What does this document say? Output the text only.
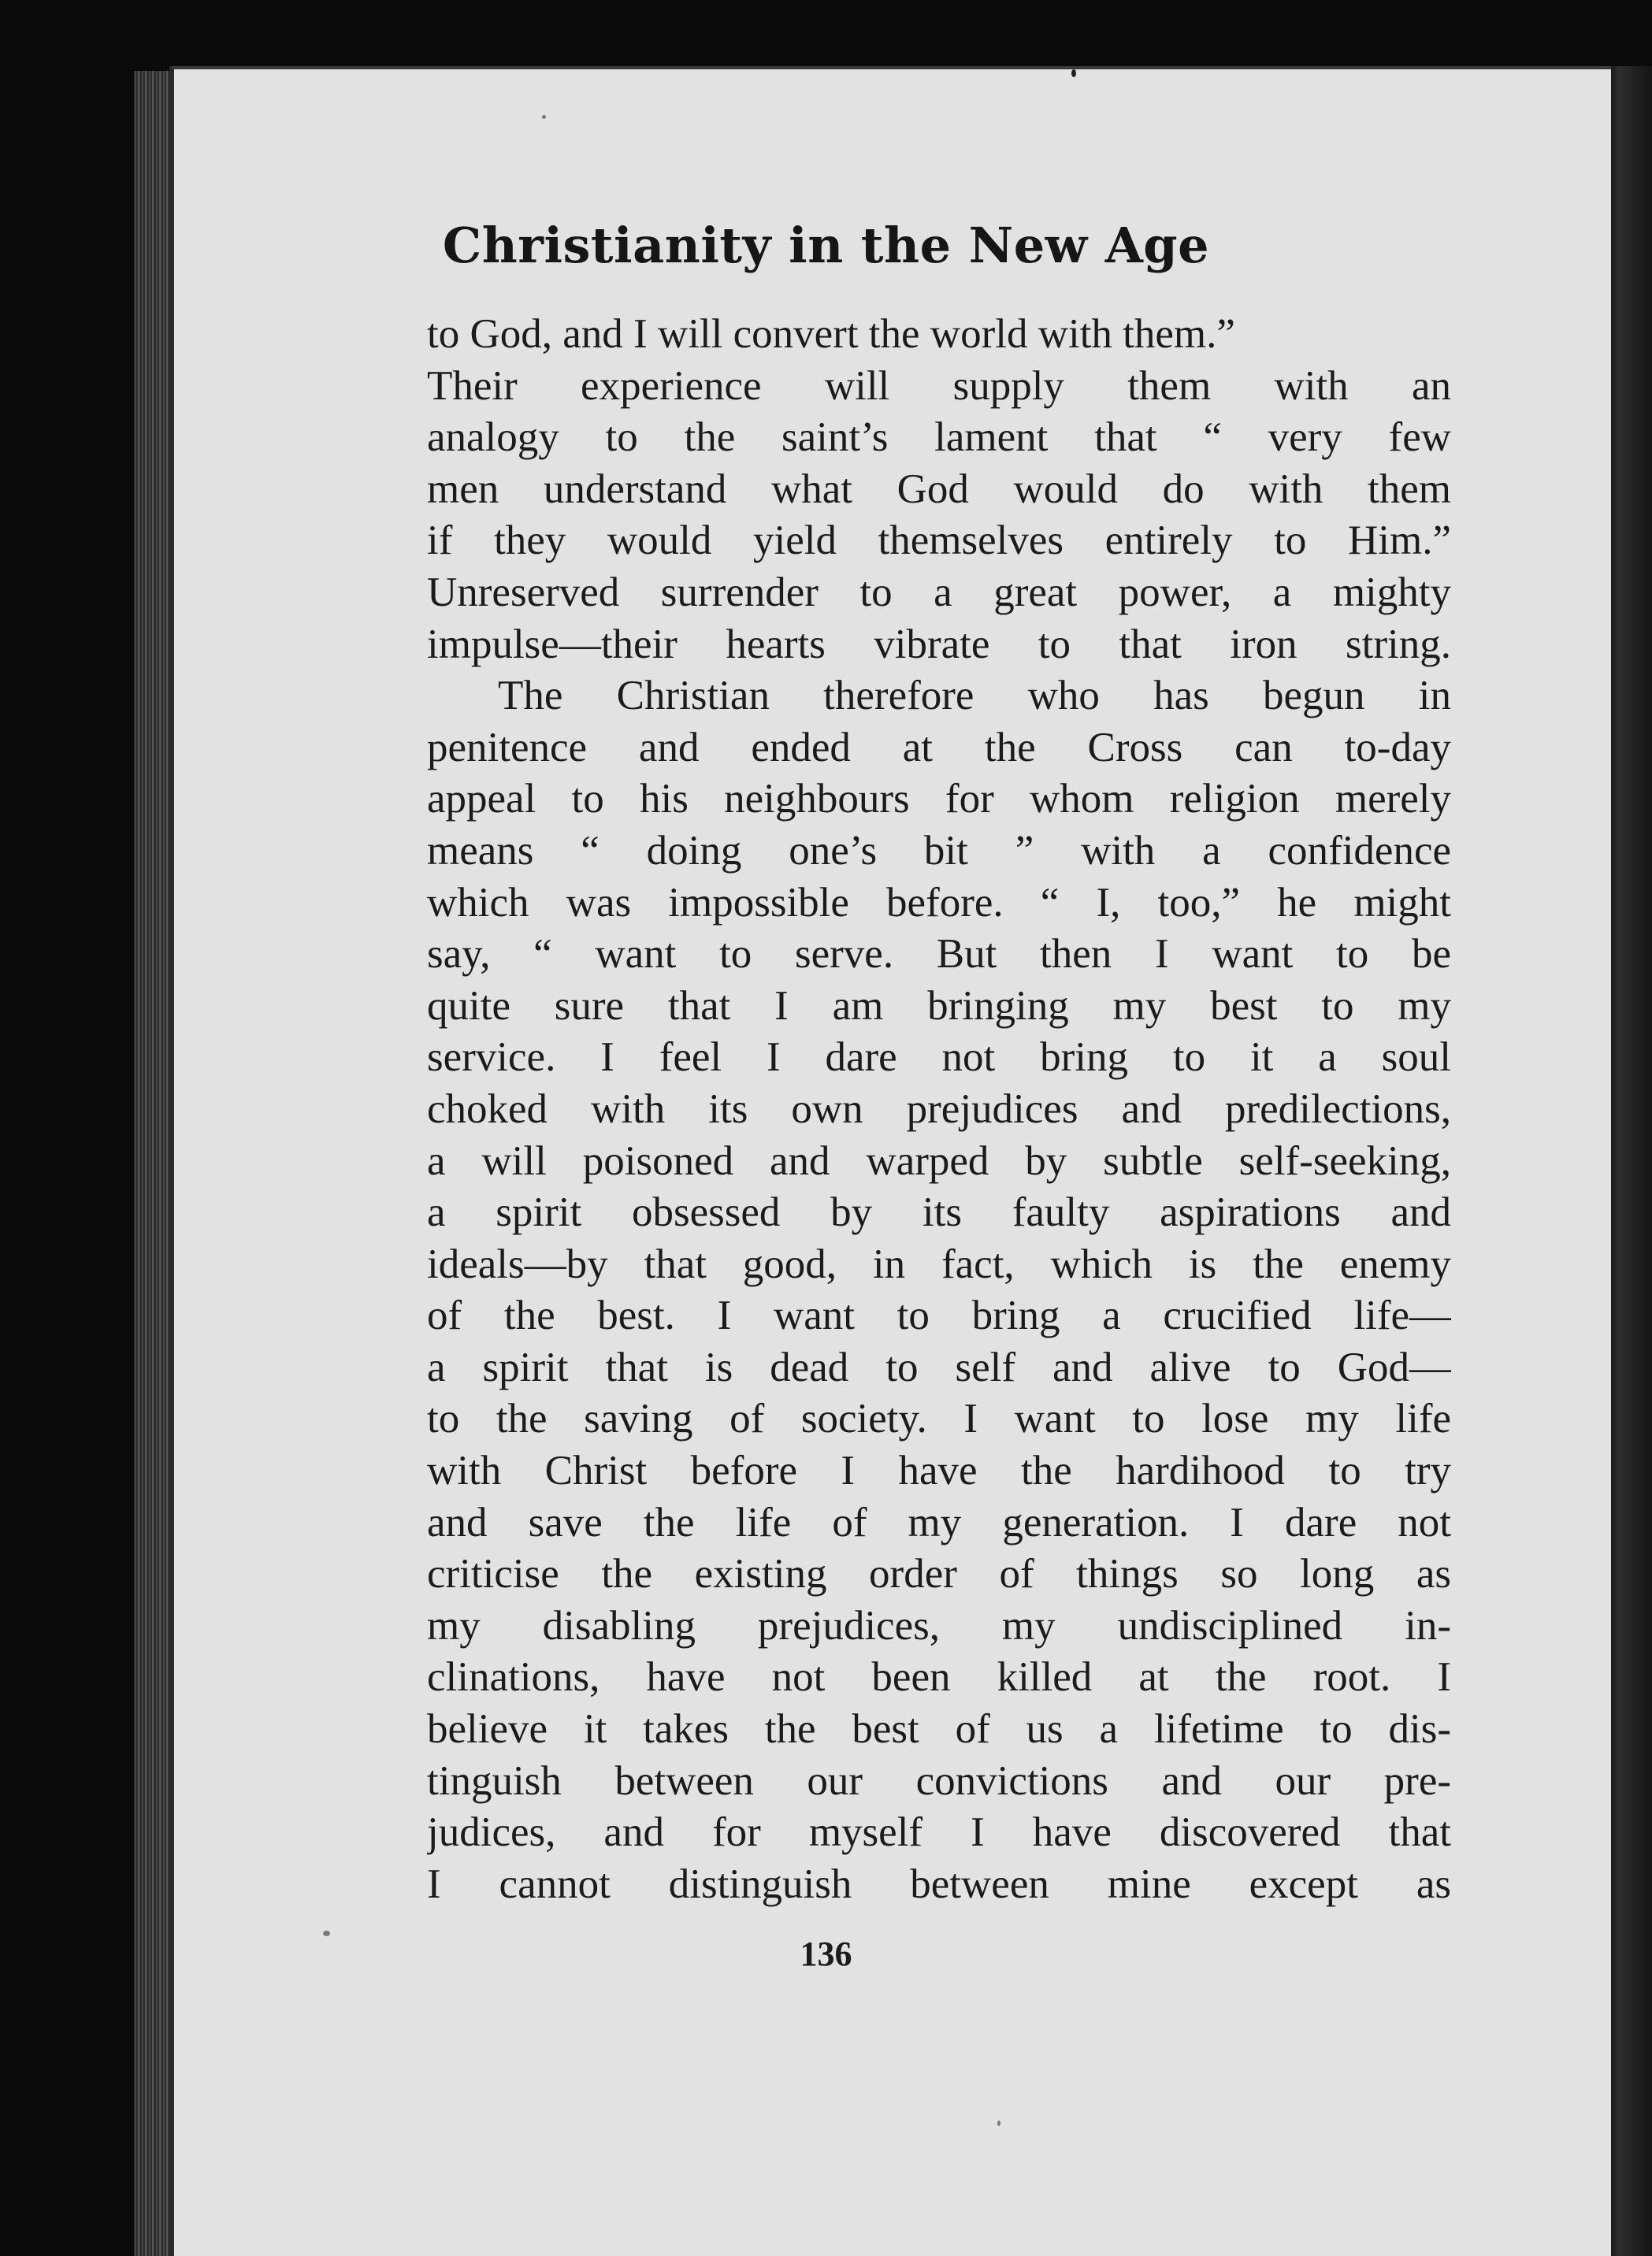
Christianity in the New Age
to God, and I will convert the world with them.”
Their experience will supply them with an
analogy to the saint’s lament that “ very few
men understand what God would do with them
if they would yield themselves entirely to Him.”
Unreserved surrender to a great power, a mighty
impulse—their hearts vibrate to that iron string.
The Christian therefore who has begun in
penitence and ended at the Cross can to-day
appeal to his neighbours for whom religion merely
means “ doing one’s bit ” with a confidence
which was impossible before. “ I, too,” he might
say, “ want to serve. But then I want to be
quite sure that I am bringing my best to my
service. I feel I dare not bring to it a soul
choked with its own prejudices and predilections,
a will poisoned and warped by subtle self-seeking,
a spirit obsessed by its faulty aspirations and
ideals—by that good, in fact, which is the enemy
of the best. I want to bring a crucified life—
a spirit that is dead to self and alive to God—
to the saving of society. I want to lose my life
with Christ before I have the hardihood to try
and save the life of my generation. I dare not
criticise the existing order of things so long as
my disabling prejudices, my undisciplined in-
clinations, have not been killed at the root. I
believe it takes the best of us a lifetime to dis-
tinguish between our convictions and our pre-
judices, and for myself I have discovered that
I cannot distinguish between mine except as

136
